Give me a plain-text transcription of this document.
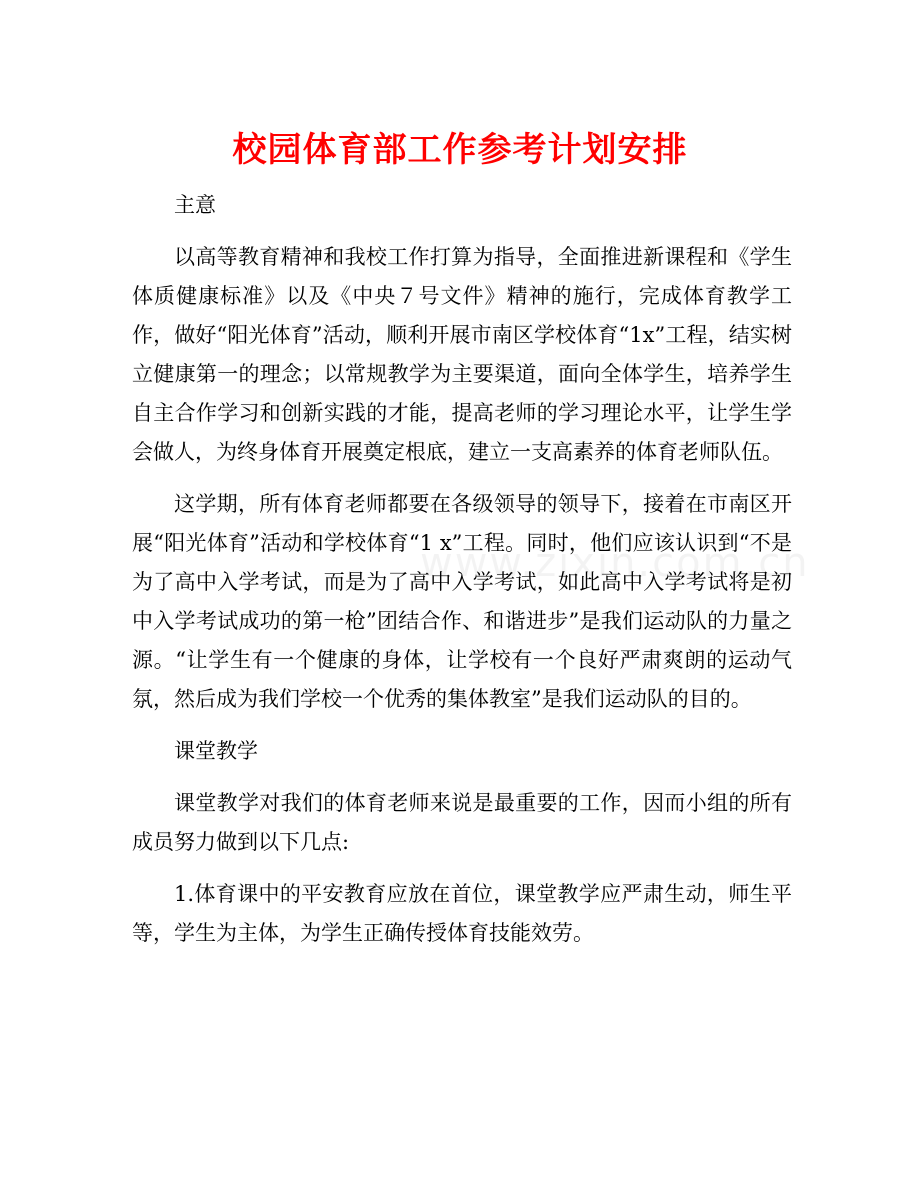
校园体育部工作参考计划安排

主意

以高等教育精神和我校工作打算为指导，全面推进新课程和《学生体质健康标准》以及《中央７号文件》精神的施行，完成体育教学工作，做好“阳光体育”活动，顺利开展市南区学校体育“1x”工程，结实树立健康第一的理念；以常规教学为主要渠道，面向全体学生，培养学生自主合作学习和创新实践的才能，提高老师的学习理论水平，让学生学会做人，为终身体育开展奠定根底，建立一支高素养的体育老师队伍。

这学期，所有体育老师都要在各级领导的领导下，接着在市南区开展“阳光体育”活动和学校体育“1 x”工程。同时，他们应该认识到“不是为了高中入学考试，而是为了高中入学考试，如此高中入学考试将是初中入学考试成功的第一枪”团结合作、和谐进步”是我们运动队的力量之源。“让学生有一个健康的身体，让学校有一个良好严肃爽朗的运动气氛，然后成为我们学校一个优秀的集体教室”是我们运动队的目的。

课堂教学

课堂教学对我们的体育老师来说是最重要的工作，因而小组的所有成员努力做到以下几点:

1.体育课中的平安教育应放在首位，课堂教学应严肃生动，师生平等，学生为主体，为学生正确传授体育技能效劳。
